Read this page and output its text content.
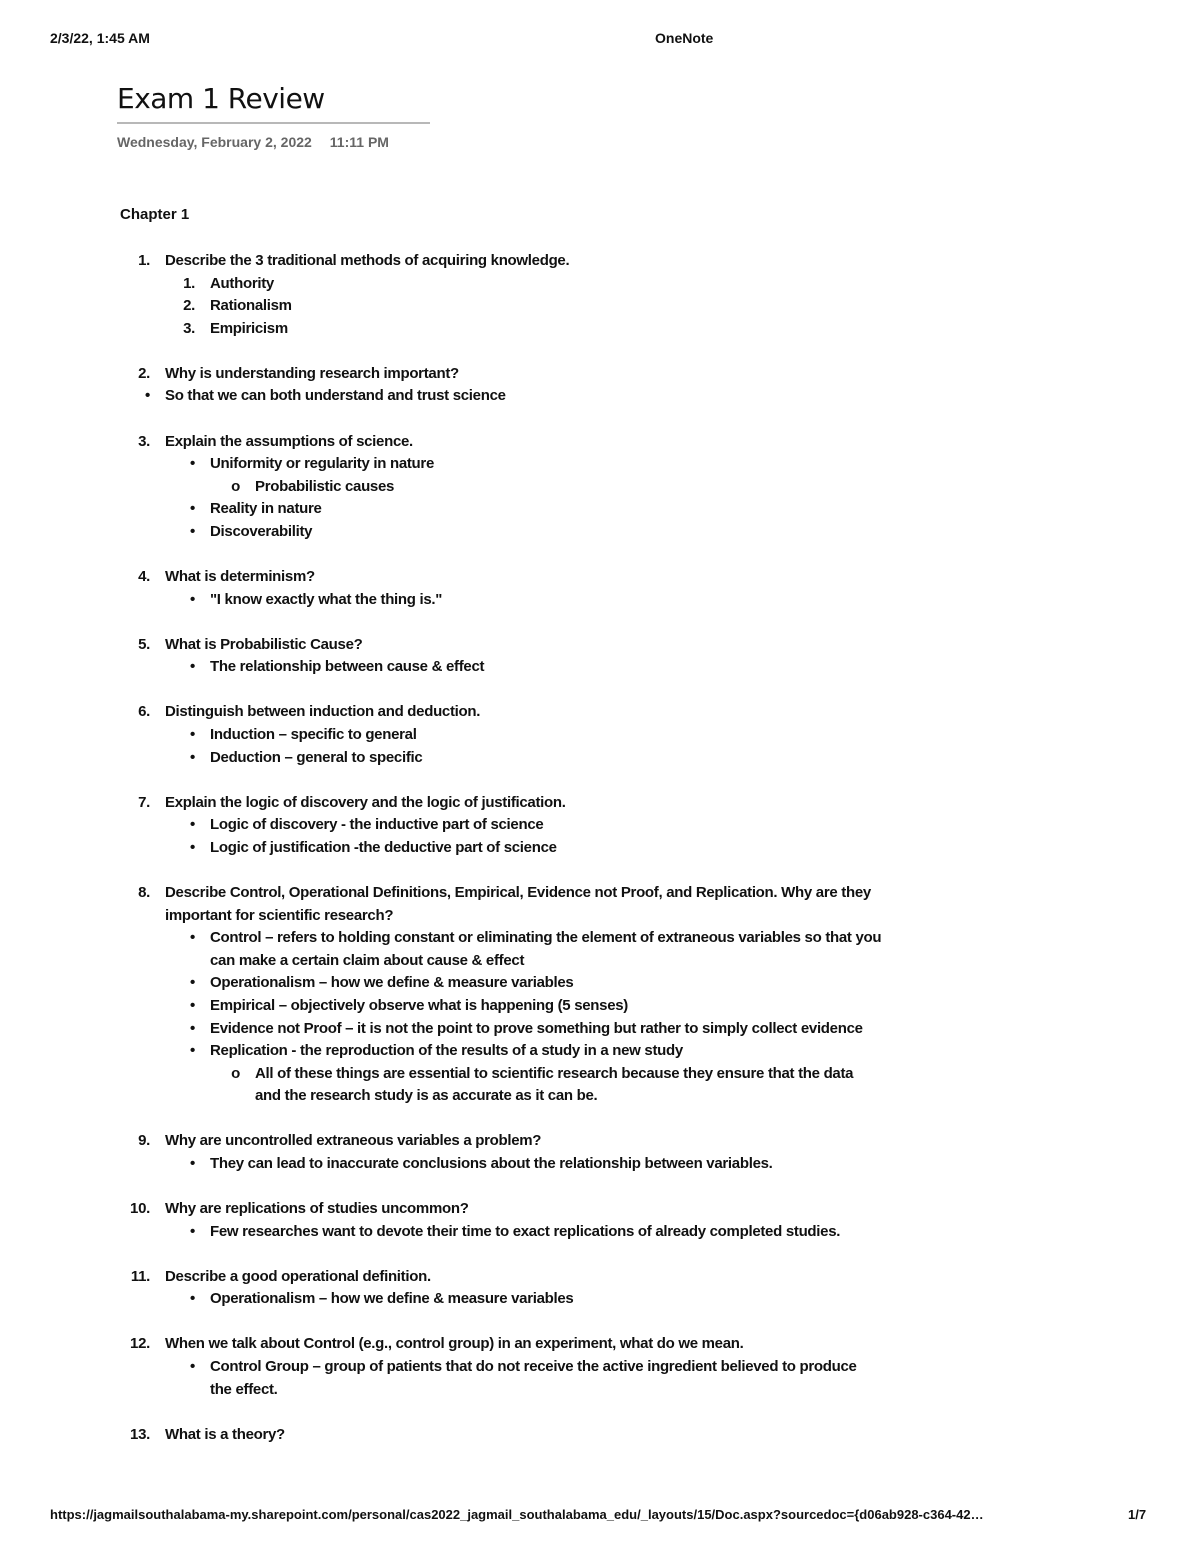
2/3/22, 1:45 AM	OneNote
Exam 1 Review
Wednesday, February 2, 2022 11:11 PM
Chapter 1
1. Describe the 3 traditional methods of acquiring knowledge.
1. Authority
2. Rationalism
3. Empiricism
2. Why is understanding research important?
•
So that we can both understand and trust science
3. Explain the assumptions of science.
•
Uniformity or regularity in nature
o
Probabilistic causes
•
Reality in nature
•
Discoverability
4. What is determinism?
•
"I know exactly what the thing is."
5. What is Probabilistic Cause?
•
The relationship between cause & effect
6. Distinguish between induction and deduction.
•
Induction – specific to general
•
Deduction – general to specific
7. Explain the logic of discovery and the logic of justification.
•
Logic of discovery - the inductive part of science
•
Logic of justification -the deductive part of science
8. Describe Control, Operational Definitions, Empirical, Evidence not Proof, and Replication. Why are they important for scientific research?
•
Control – refers to holding constant or eliminating the element of extraneous variables so that you can make a certain claim about cause & effect
•
Operationalism – how we define & measure variables
•
Empirical – objectively observe what is happening (5 senses)
•
Evidence not Proof – it is not the point to prove something but rather to simply collect evidence
•
Replication - the reproduction of the results of a study in a new study
o
All of these things are essential to scientific research because they ensure that the data and the research study is as accurate as it can be.
9. Why are uncontrolled extraneous variables a problem?
•
They can lead to inaccurate conclusions about the relationship between variables.
10. Why are replications of studies uncommon?
•
Few researches want to devote their time to exact replications of already completed studies.
11. Describe a good operational definition.
•
Operationalism – how we define & measure variables
12. When we talk about Control (e.g., control group) in an experiment, what do we mean.
•
Control Group – group of patients that do not receive the active ingredient believed to produce the effect.
13. What is a theory?
https://jagmailsouthalabama-my.sharepoint.com/personal/cas2022_jagmail_southalabama_edu/_layouts/15/Doc.aspx?sourcedoc={d06ab928-c364-42…	1/7
